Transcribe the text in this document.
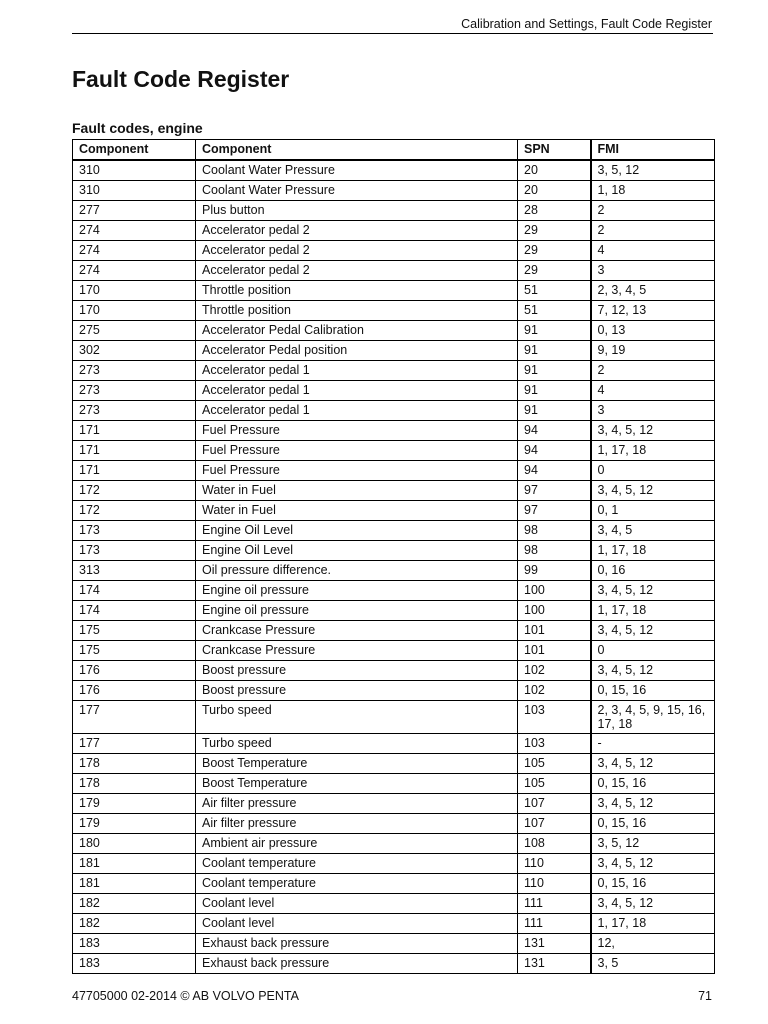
Calibration and Settings, Fault Code Register
Fault Code Register
Fault codes, engine
Component	Component	SPN	FMI
310	Coolant Water Pressure	20	3, 5, 12
310	Coolant Water Pressure	20	1, 18
277	Plus button	28	2
274	Accelerator pedal 2	29	2
274	Accelerator pedal 2	29	4
274	Accelerator pedal 2	29	3
170	Throttle position	51	2, 3, 4, 5
170	Throttle position	51	7, 12, 13
275	Accelerator Pedal Calibration	91	0, 13
302	Accelerator Pedal position	91	9, 19
273	Accelerator pedal 1	91	2
273	Accelerator pedal 1	91	4
273	Accelerator pedal 1	91	3
171	Fuel Pressure	94	3, 4, 5, 12
171	Fuel Pressure	94	1, 17, 18
171	Fuel Pressure	94	0
172	Water in Fuel	97	3, 4, 5, 12
172	Water in Fuel	97	0, 1
173	Engine Oil Level	98	3, 4, 5
173	Engine Oil Level	98	1, 17, 18
313	Oil pressure difference.	99	0, 16
174	Engine oil pressure	100	3, 4, 5, 12
174	Engine oil pressure	100	1, 17, 18
175	Crankcase Pressure	101	3, 4, 5, 12
175	Crankcase Pressure	101	0
176	Boost pressure	102	3, 4, 5, 12
176	Boost pressure	102	0, 15, 16
177	Turbo speed	103	2, 3, 4, 5, 9, 15, 16, 17, 18
177	Turbo speed	103	-
178	Boost Temperature	105	3, 4, 5, 12
178	Boost Temperature	105	0, 15, 16
179	Air filter pressure	107	3, 4, 5, 12
179	Air filter pressure	107	0, 15, 16
180	Ambient air pressure	108	3, 5, 12
181	Coolant temperature	110	3, 4, 5, 12
181	Coolant temperature	110	0, 15, 16
182	Coolant level	111	3, 4, 5, 12
182	Coolant level	111	1, 17, 18
183	Exhaust back pressure	131	12,
183	Exhaust back pressure	131	3, 5
47705000 02-2014 © AB VOLVO PENTA	71
